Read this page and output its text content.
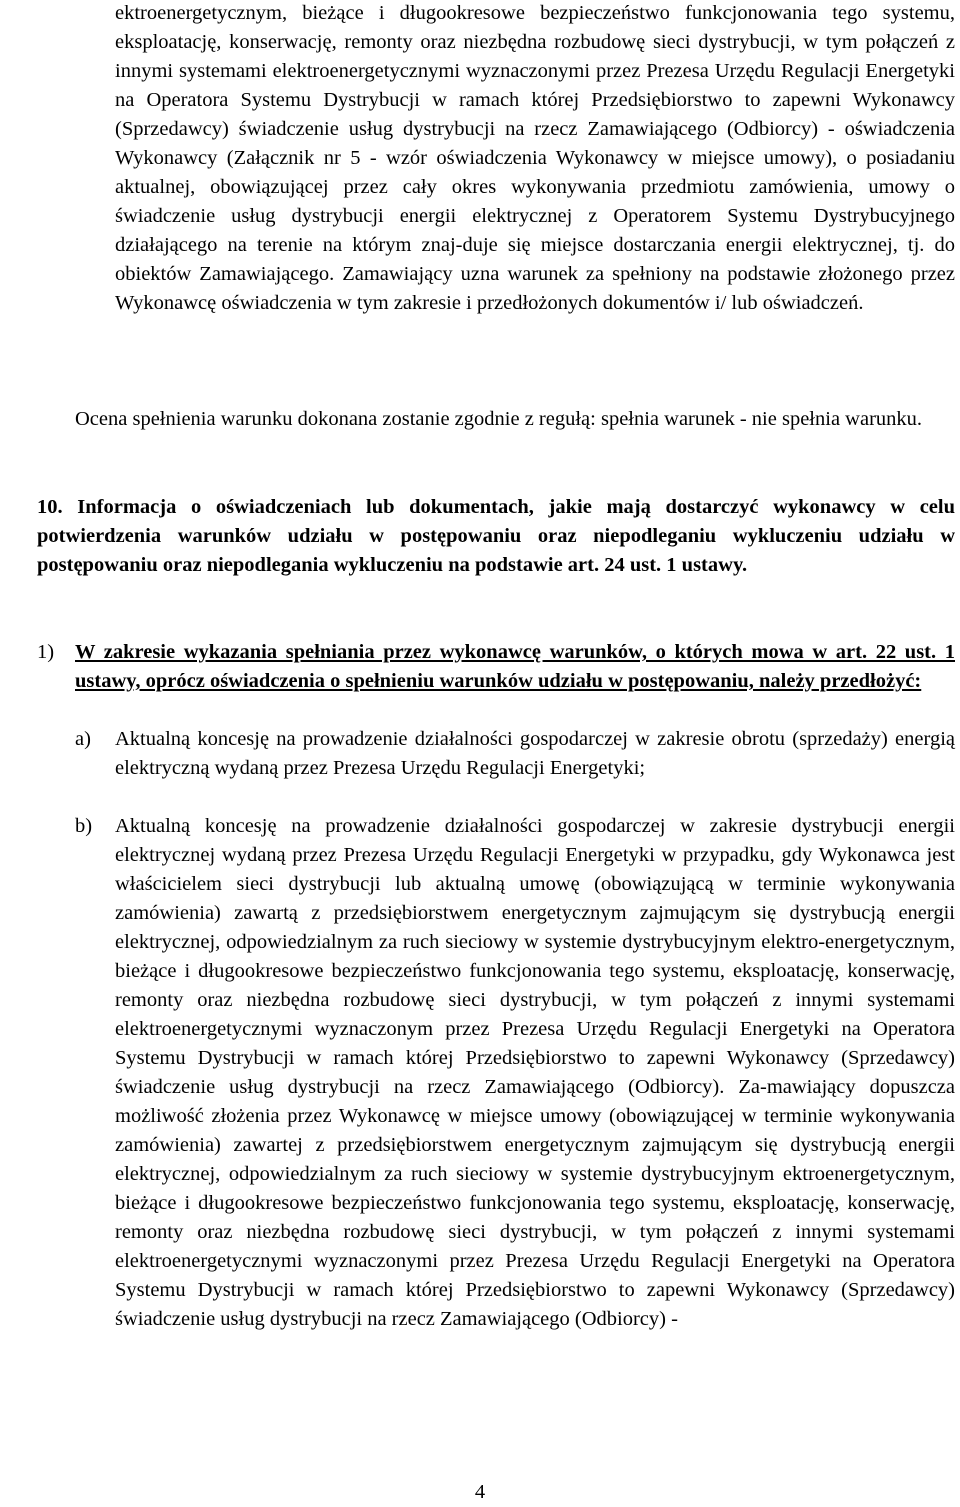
ektroenergetycznym, bieżące i długookresowe bezpieczeństwo funkcjonowania tego systemu, eksploatację, konserwację, remonty oraz niezbędna rozbudowę sieci dystrybucji, w tym połączeń z innymi systemami elektroenergetycznymi wyznaczonymi przez Prezesa Urzędu Regulacji Energetyki na Operatora Systemu Dystrybucji w ramach której Przedsiębiorstwo to zapewni Wykonawcy (Sprzedawcy) świadczenie usług dystrybucji na rzecz Zamawiającego (Odbiorcy) - oświadczenia Wykonawcy (Załącznik nr 5 - wzór oświadczenia Wykonawcy w miejsce umowy), o posiadaniu aktualnej, obowiązującej przez cały okres wykonywania przedmiotu zamówienia, umowy o świadczenie usług dystrybucji energii elektrycznej z Operatorem Systemu Dystrybucyjnego działającego na terenie na którym znaj-duje się miejsce dostarczania energii elektrycznej, tj. do obiektów Zamawiającego. Zamawiający uzna warunek za spełniony na podstawie złożonego przez Wykonawcę oświadczenia w tym zakresie i przedłożonych dokumentów i/ lub oświadczeń.

Ocena spełnienia warunku dokonana zostanie zgodnie z regułą: spełnia warunek - nie spełnia warunku.

10. Informacja o oświadczeniach lub dokumentach, jakie mają dostarczyć wykonawcy w celu potwierdzenia warunków udziału w postępowaniu oraz niepodleganiu wykluczeniu udziału w postępowaniu oraz niepodlegania wykluczeniu na podstawie art. 24 ust. 1 ustawy.

1) W zakresie wykazania spełniania przez wykonawcę warunków, o których mowa w art. 22 ust. 1 ustawy, oprócz oświadczenia o spełnieniu warunków udziału w postępowaniu, należy przedłożyć:

a) Aktualną koncesję na prowadzenie działalności gospodarczej w zakresie obrotu (sprzedaży) energią elektryczną wydaną przez Prezesa Urzędu Regulacji Energetyki;

b) Aktualną koncesję na prowadzenie działalności gospodarczej w zakresie dystrybucji energii elektrycznej wydaną przez Prezesa Urzędu Regulacji Energetyki w przypadku, gdy Wykonawca jest właścicielem sieci dystrybucji lub aktualną umowę (obowiązującą w terminie wykonywania zamówienia) zawartą z przedsiębiorstwem energetycznym zajmującym się dystrybucją energii elektrycznej, odpowiedzialnym za ruch sieciowy w systemie dystrybucyjnym elektro-energetycznym, bieżące i długookresowe bezpieczeństwo funkcjonowania tego systemu, eksploatację, konserwację, remonty oraz niezbędna rozbudowę sieci dystrybucji, w tym połączeń z innymi systemami elektroenergetycznymi wyznaczonym przez Prezesa Urzędu Regulacji Energetyki na Operatora Systemu Dystrybucji w ramach której Przedsiębiorstwo to zapewni Wykonawcy (Sprzedawcy) świadczenie usług dystrybucji na rzecz Zamawiającego (Odbiorcy). Za-mawiający dopuszcza możliwość złożenia przez Wykonawcę w miejsce umowy (obowiązującej w terminie wykonywania zamówienia) zawartej z przedsiębiorstwem energetycznym zajmującym się dystrybucją energii elektrycznej, odpowiedzialnym za ruch sieciowy w systemie dystrybucyjnym ektroenergetycznym, bieżące i długookresowe bezpieczeństwo funkcjonowania tego systemu, eksploatację, konserwację, remonty oraz niezbędna rozbudowę sieci dystrybucji, w tym połączeń z innymi systemami elektroenergetycznymi wyznaczonymi przez Prezesa Urzędu Regulacji Energetyki na Operatora Systemu Dystrybucji w ramach której Przedsiębiorstwo to zapewni Wykonawcy (Sprzedawcy) świadczenie usług dystrybucji na rzecz Zamawiającego (Odbiorcy) -

4
